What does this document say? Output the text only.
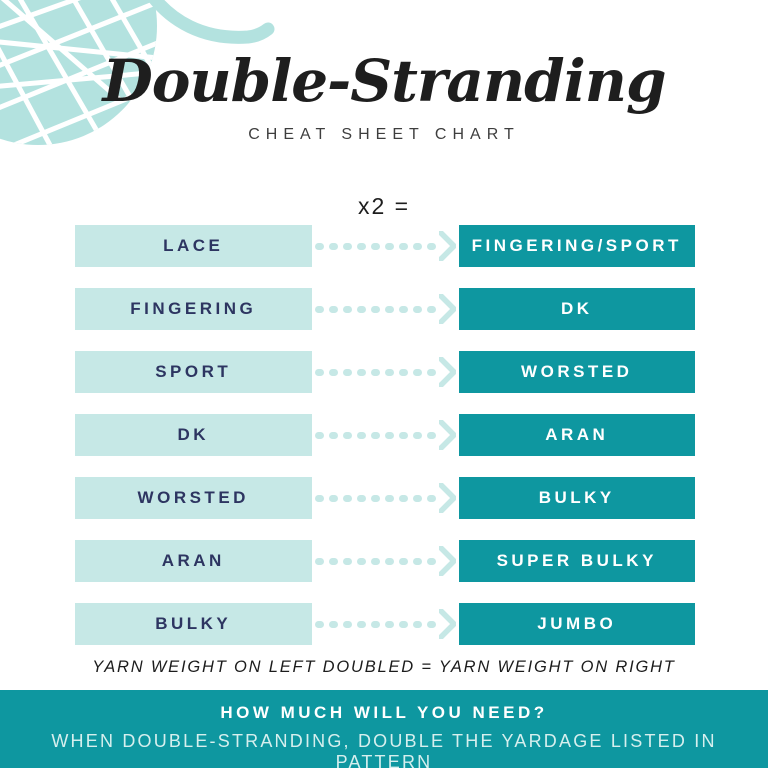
Double-Stranding
CHEAT SHEET CHART
x2 =
LACE	FINGERING/SPORT
FINGERING	DK
SPORT	WORSTED
DK	ARAN
WORSTED	BULKY
ARAN	SUPER BULKY
BULKY	JUMBO
YARN WEIGHT ON LEFT DOUBLED = YARN WEIGHT ON RIGHT
HOW MUCH WILL YOU NEED?
WHEN DOUBLE-STRANDING, DOUBLE THE YARDAGE LISTED IN PATTERN
